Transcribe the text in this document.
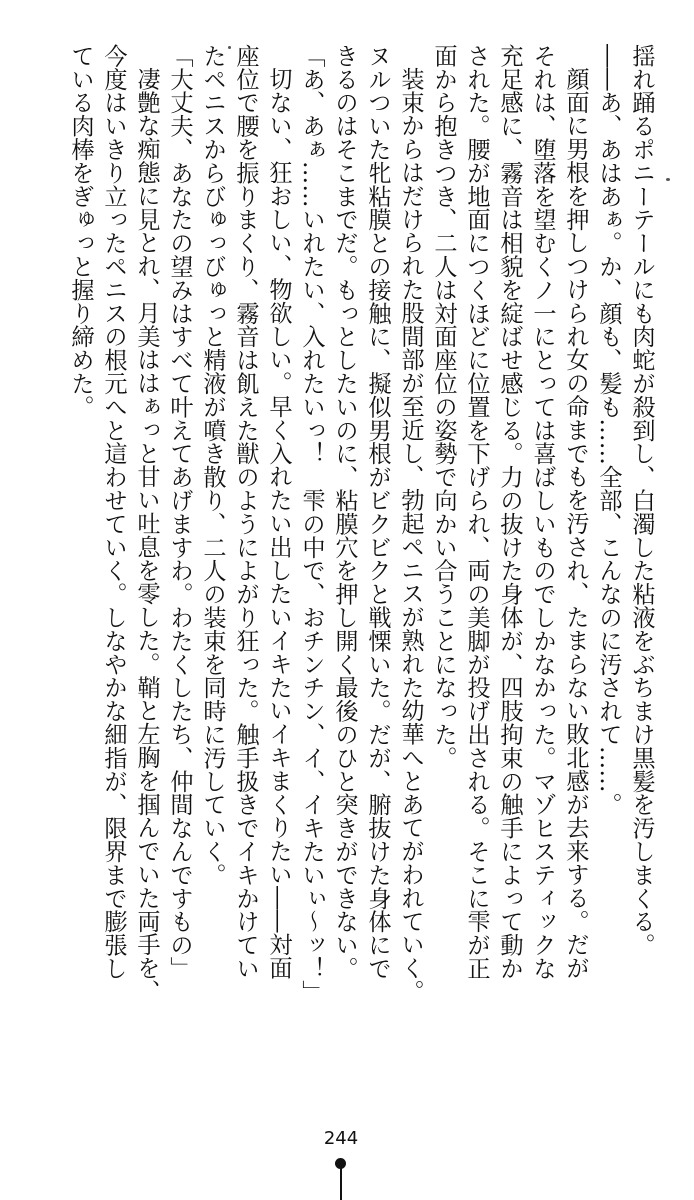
揺れ踊るポニーテールにも肉蛇が殺到し、白濁した粘液をぶちまけ黒髪を汚しまくる。
――あ、あはあぁ。か、顔も、髪も……全部、こんなのに汚されて……。
顔面に男根を押しつけられ女の命までもを汚され、たまらない敗北感が去来する。だが
それは、堕落を望むくノ一にとっては喜ばしいものでしかなかった。マゾヒスティックな
充足感に、霧音は相貌を綻ばせ感じる。力の抜けた身体が、四肢拘束の触手によって動か
された。腰が地面につくほどに位置を下げられ、両の美脚が投げ出される。そこに雫が正
面から抱きつき、二人は対面座位の姿勢で向かい合うことになった。
装束からはだけられた股間部が至近し、勃起ペニスが熟れた幼華へとあてがわれていく。
ヌルついた牝粘膜との接触に、擬似男根がビクビクと戦慄いた。だが、腑抜けた身体にで
きるのはそこまでだ。もっとしたいのに、粘膜穴を押し開く最後のひと突きができない。
「あ、あぁ……いれたい、入れたいっ！　雫の中で、おチンチン、イ、イキたいぃ～ッ！」
切ない、狂おしい、物欲しい。早く入れたい出したいイキたいイキまくりたい――対面
座位で腰を振りまくり、霧音は飢えた獣のようによがり狂った。触手扱きでイキかけてい
たペニスからびゅっびゅっと精液が噴き散り、二人の装束を同時に汚していく。
「大丈夫、あなたの望みはすべて叶えてあげますわ。わたくしたち、仲間なんですもの」
凄艶な痴態に見とれ、月美ははぁっと甘い吐息を零した。鞘と左胸を掴んでいた両手を、
今度はいきり立ったペニスの根元へと這わせていく。しなやかな細指が、限界まで膨張し
ている肉棒をぎゅっと握り締めた。
244
